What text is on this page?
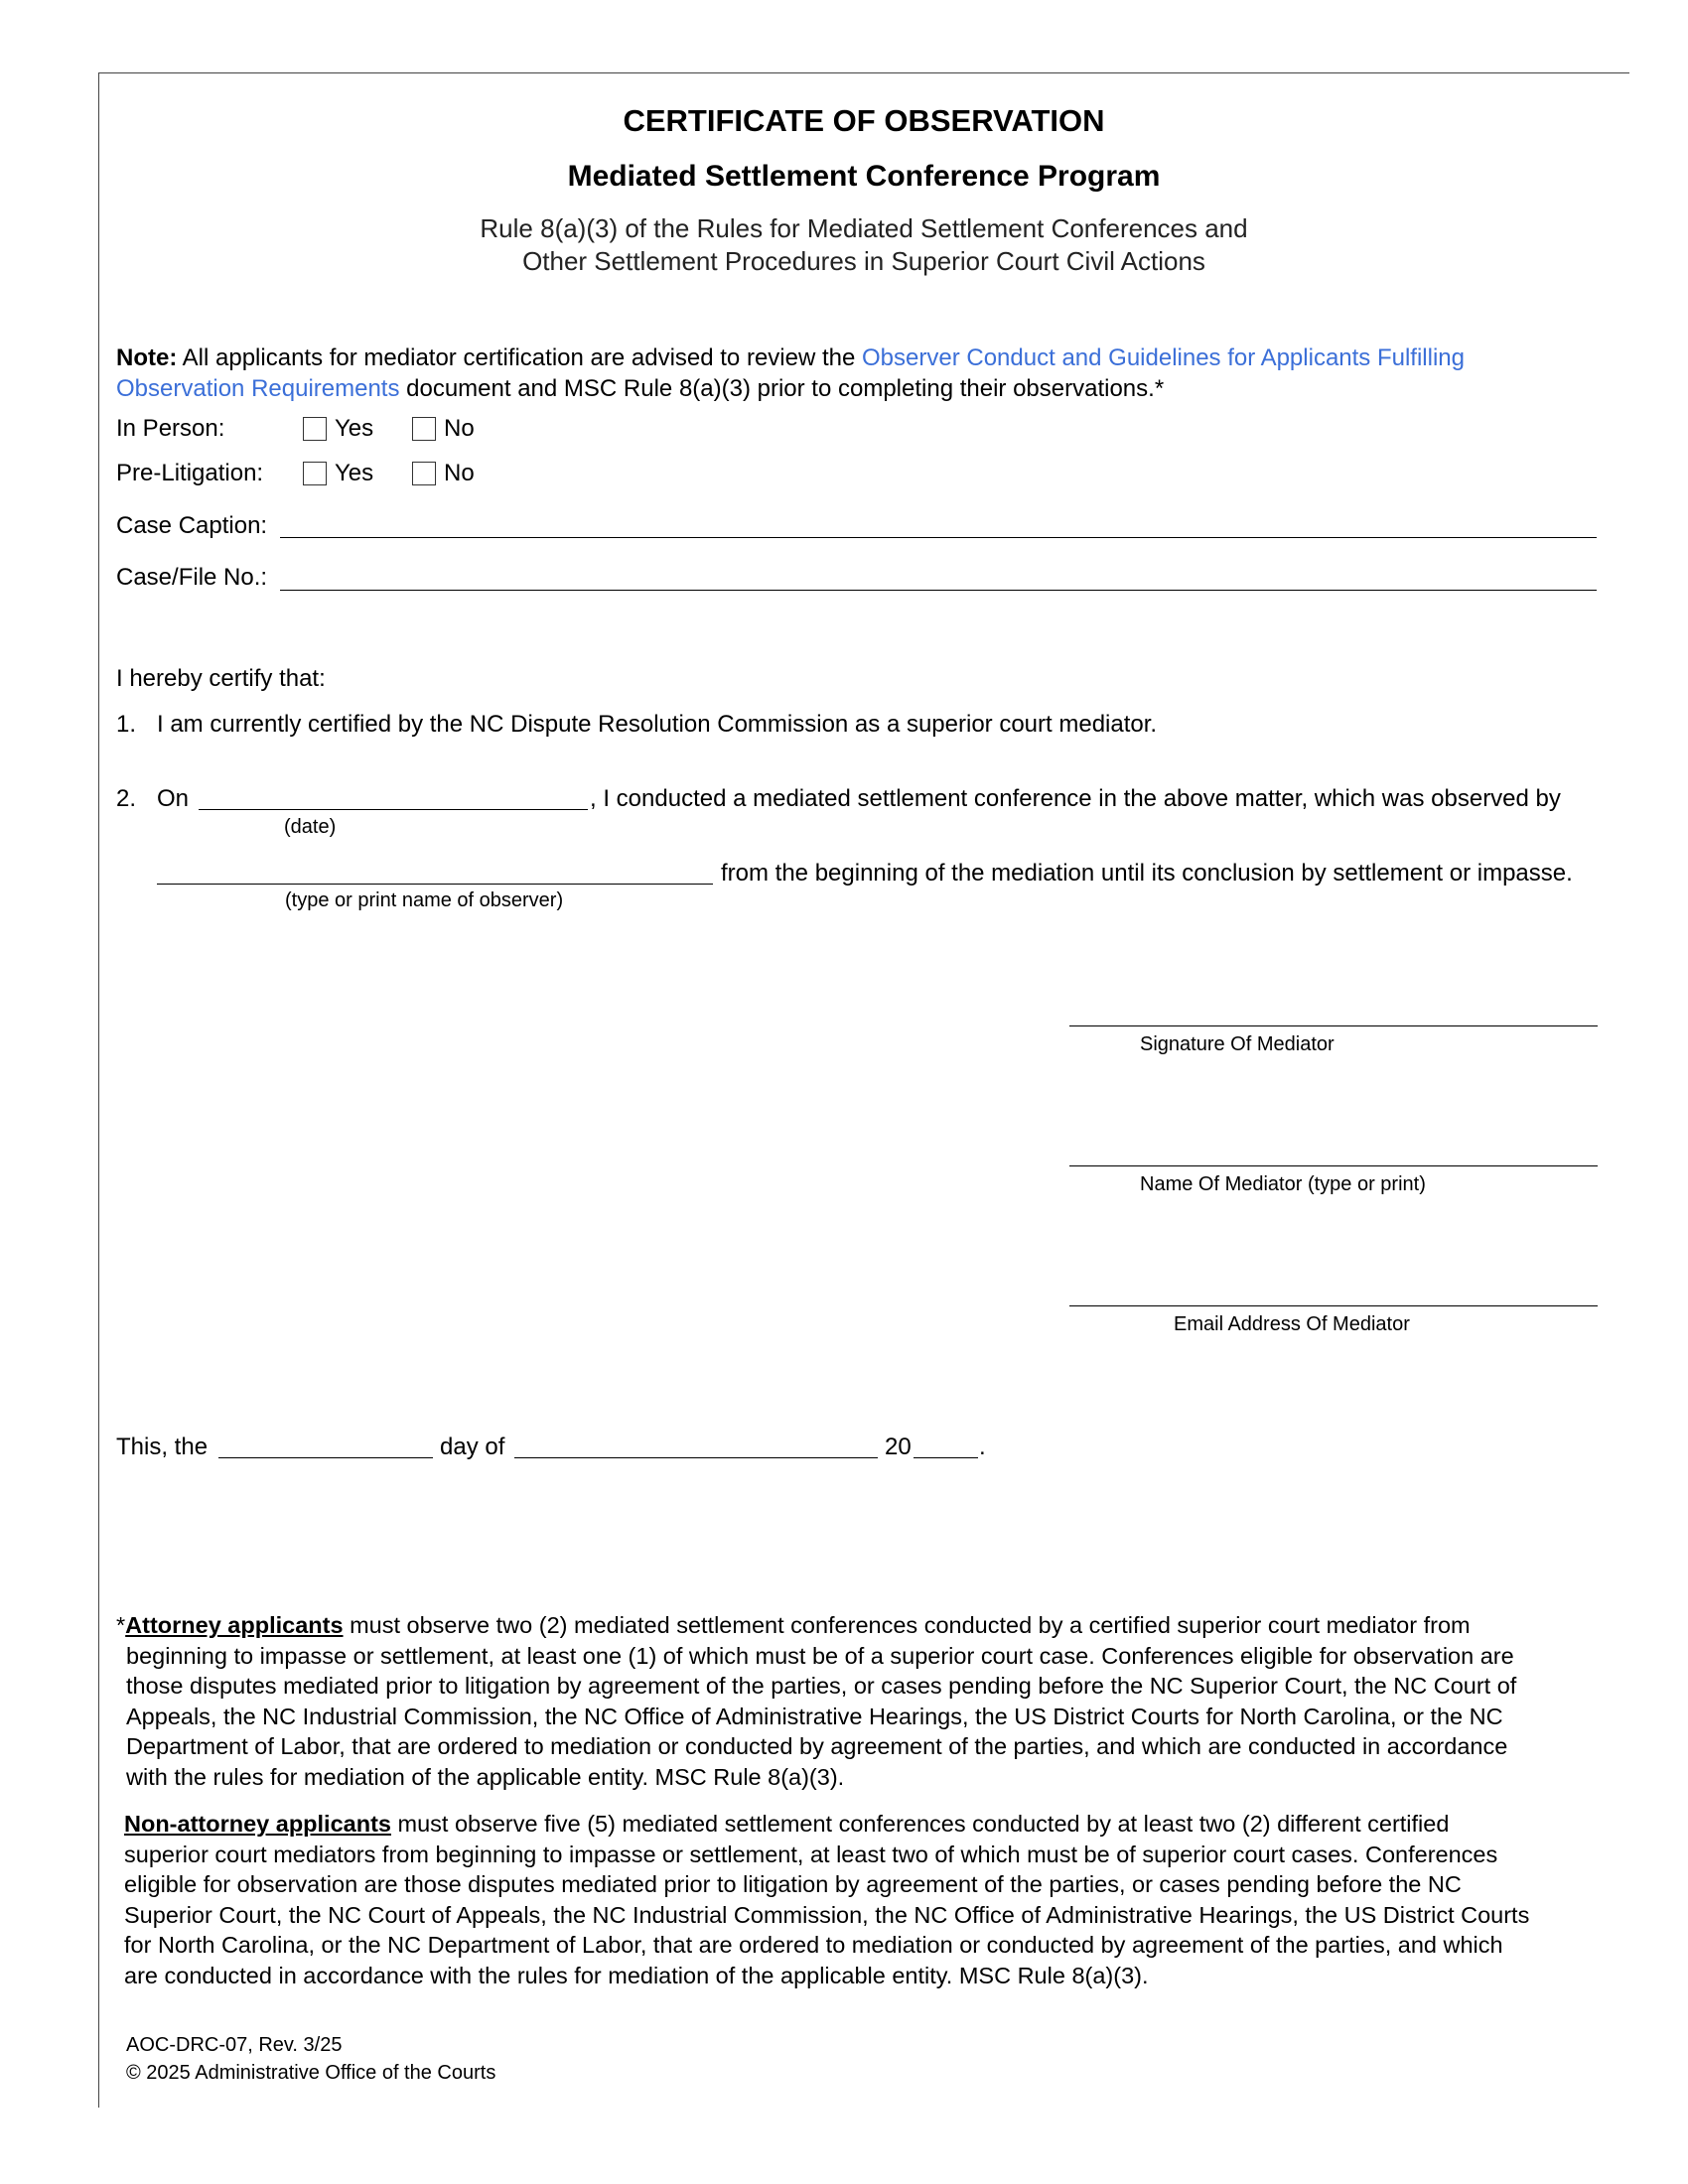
CERTIFICATE OF OBSERVATION
Mediated Settlement Conference Program
Rule 8(a)(3) of the Rules for Mediated Settlement Conferences and
Other Settlement Procedures in Superior Court Civil Actions
Note: All applicants for mediator certification are advised to review the Observer Conduct and Guidelines for Applicants Fulfilling
Observation Requirements document and MSC Rule 8(a)(3) prior to completing their observations.*
In Person:	Yes	No
Pre-Litigation:	Yes	No
Case Caption:
Case/File No.:
I hereby certify that:
1. I am currently certified by the NC Dispute Resolution Commission as a superior court mediator.
2. On	, I conducted a mediated settlement conference in the above matter, which was observed by
(date)
from the beginning of the mediation until its conclusion by settlement or impasse.
(type or print name of observer)
Signature Of Mediator
Name Of Mediator (type or print)
Email Address Of Mediator
This, the	day of	20	.
*Attorney applicants must observe two (2) mediated settlement conferences conducted by a certified superior court mediator from
beginning to impasse or settlement, at least one (1) of which must be of a superior court case. Conferences eligible for observation are
those disputes mediated prior to litigation by agreement of the parties, or cases pending before the NC Superior Court, the NC Court of
Appeals, the NC Industrial Commission, the NC Office of Administrative Hearings, the US District Courts for North Carolina, or the NC
Department of Labor, that are ordered to mediation or conducted by agreement of the parties, and which are conducted in accordance
with the rules for mediation of the applicable entity. MSC Rule 8(a)(3).
Non-attorney applicants must observe five (5) mediated settlement conferences conducted by at least two (2) different certified
superior court mediators from beginning to impasse or settlement, at least two of which must be of superior court cases. Conferences
eligible for observation are those disputes mediated prior to litigation by agreement of the parties, or cases pending before the NC
Superior Court, the NC Court of Appeals, the NC Industrial Commission, the NC Office of Administrative Hearings, the US District Courts
for North Carolina, or the NC Department of Labor, that are ordered to mediation or conducted by agreement of the parties, and which
are conducted in accordance with the rules for mediation of the applicable entity. MSC Rule 8(a)(3).
AOC-DRC-07, Rev. 3/25
© 2025 Administrative Office of the Courts
